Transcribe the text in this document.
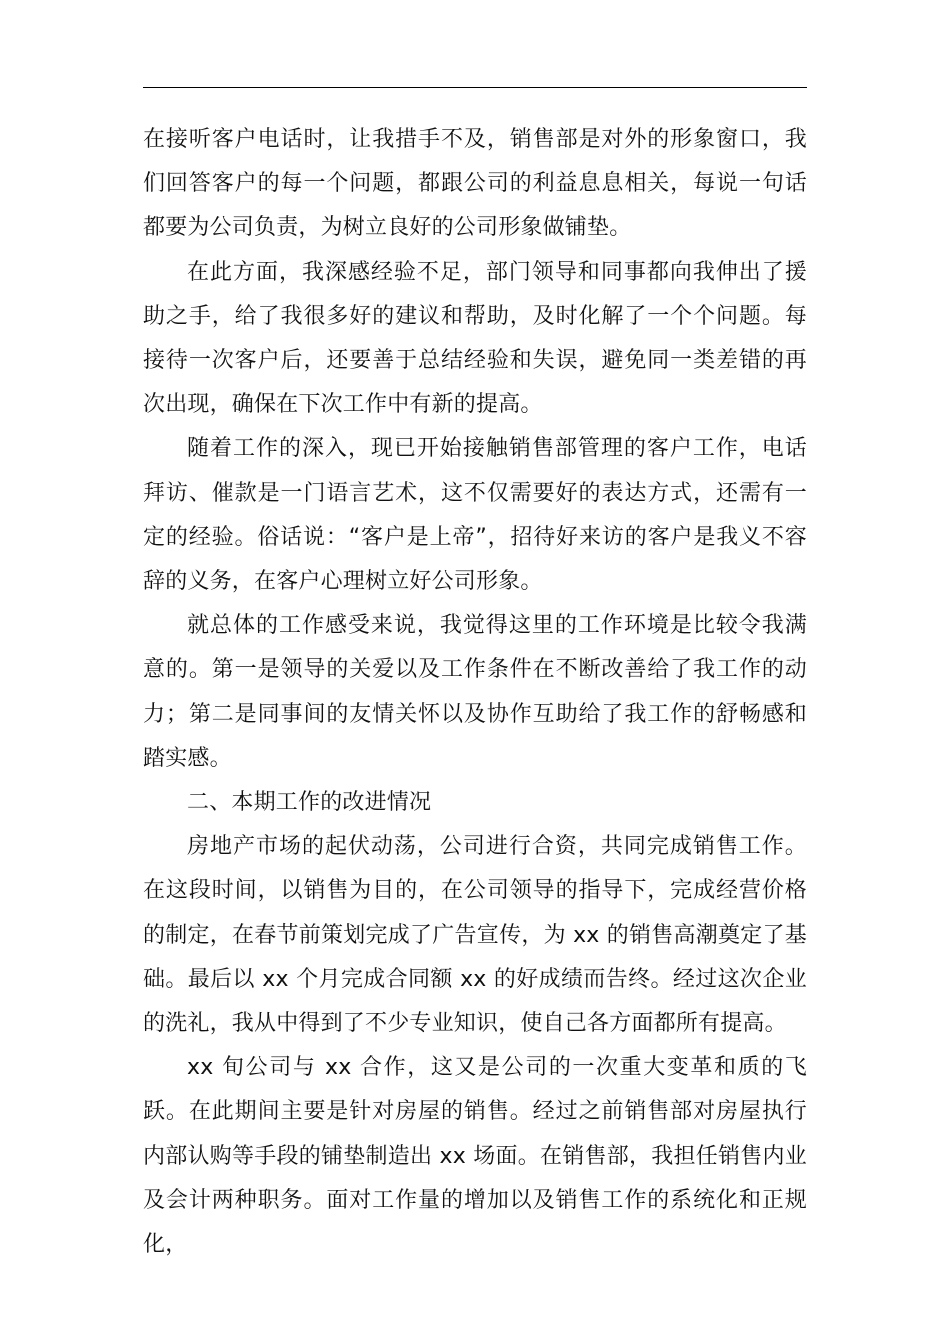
在接听客户电话时，让我措手不及，销售部是对外的形象窗口，我们回答客户的每一个问题，都跟公司的利益息息相关，每说一句话都要为公司负责，为树立良好的公司形象做铺垫。

在此方面，我深感经验不足，部门领导和同事都向我伸出了援助之手，给了我很多好的建议和帮助，及时化解了一个个问题。每接待一次客户后，还要善于总结经验和失误，避免同一类差错的再次出现，确保在下次工作中有新的提高。

随着工作的深入，现已开始接触销售部管理的客户工作，电话拜访、催款是一门语言艺术，这不仅需要好的表达方式，还需有一定的经验。俗话说：“客户是上帝”，招待好来访的客户是我义不容辞的义务，在客户心理树立好公司形象。

就总体的工作感受来说，我觉得这里的工作环境是比较令我满意的。第一是领导的关爱以及工作条件在不断改善给了我工作的动力；第二是同事间的友情关怀以及协作互助给了我工作的舒畅感和踏实感。

二、本期工作的改进情况

房地产市场的起伏动荡，公司进行合资，共同完成销售工作。在这段时间，以销售为目的，在公司领导的指导下，完成经营价格的制定，在春节前策划完成了广告宣传，为 xx 的销售高潮奠定了基础。最后以 xx 个月完成合同额 xx 的好成绩而告终。经过这次企业的洗礼，我从中得到了不少专业知识，使自己各方面都所有提高。

xx 旬公司与 xx 合作，这又是公司的一次重大变革和质的飞跃。在此期间主要是针对房屋的销售。经过之前销售部对房屋执行内部认购等手段的铺垫制造出 xx 场面。在销售部，我担任销售内业及会计两种职务。面对工作量的增加以及销售工作的系统化和正规化，
